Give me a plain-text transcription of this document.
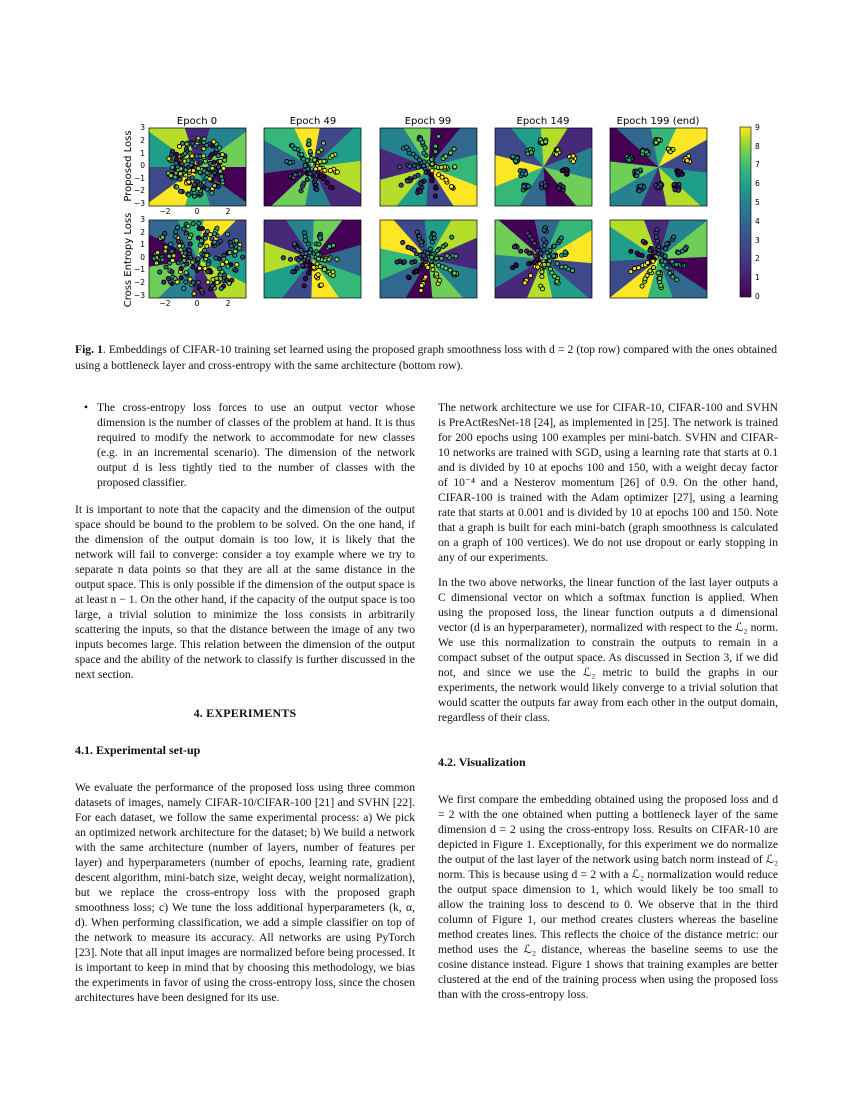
Epoch 0	Epoch 49	Epoch 99	Epoch 149	Epoch 199 (end)
Proposed Loss
Cross Entropy Loss
3
2
1
0
−1
−2
−3
−2	0	2
3
2
1
0
−1
−2
−3
−2	0	2
9
8
7
6
5
4
3
2
1
0
Fig. 1. Embeddings of CIFAR-10 training set learned using the proposed graph smoothness loss with d = 2 (top row) compared with the ones obtained using a bottleneck layer and cross-entropy with the same architecture (bottom row).
• The cross-entropy loss forces to use an output vector whose dimension is the number of classes of the problem at hand. It is thus required to modify the network to accommodate for new classes (e.g. in an incremental scenario). The dimension of the network output d is less tightly tied to the number of classes with the proposed classifier.

It is important to note that the capacity and the dimension of the output space should be bound to the problem to be solved. On the one hand, if the dimension of the output domain is too low, it is likely that the network will fail to converge: consider a toy example where we try to separate n data points so that they are all at the same distance in the output space. This is only possible if the dimension of the output space is at least n − 1. On the other hand, if the capacity of the output space is too large, a trivial solution to minimize the loss consists in arbitrarily scattering the inputs, so that the distance between the image of any two inputs becomes large. This relation between the dimension of the output space and the ability of the network to classify is further discussed in the next section.

4. EXPERIMENTS
4.1. Experimental set-up

We evaluate the performance of the proposed loss using three common datasets of images, namely CIFAR-10/CIFAR-100 [21] and SVHN [22]. For each dataset, we follow the same experimental process: a) We pick an optimized network architecture for the dataset; b) We build a network with the same architecture (number of layers, number of features per layer) and hyperparameters (number of epochs, learning rate, gradient descent algorithm, mini-batch size, weight decay, weight normalization), but we replace the cross-entropy loss with the proposed graph smoothness loss; c) We tune the loss additional hyperparameters (k, α, d). When performing classification, we add a simple classifier on top of the network to measure its accuracy. All networks are using PyTorch [23]. Note that all input images are normalized before being processed. It is important to keep in mind that by choosing this methodology, we bias the experiments in favor of using the cross-entropy loss, since the chosen architectures have been designed for its use.

The network architecture we use for CIFAR-10, CIFAR-100 and SVHN is PreActResNet-18 [24], as implemented in [25]. The network is trained for 200 epochs using 100 examples per mini-batch. SVHN and CIFAR-10 networks are trained with SGD, using a learning rate that starts at 0.1 and is divided by 10 at epochs 100 and 150, with a weight decay factor of 10⁻⁴ and a Nesterov momentum [26] of 0.9. On the other hand, CIFAR-100 is trained with the Adam optimizer [27], using a learning rate that starts at 0.001 and is divided by 10 at epochs 100 and 150. Note that a graph is built for each mini-batch (graph smoothness is calculated on a graph of 100 vertices). We do not use dropout or early stopping in any of our experiments.

In the two above networks, the linear function of the last layer outputs a C dimensional vector on which a softmax function is applied. When using the proposed loss, the linear function outputs a d dimensional vector (d is an hyperparameter), normalized with respect to the ℒ₂ norm. We use this normalization to constrain the outputs to remain in a compact subset of the output space. As discussed in Section 3, if we did not, and since we use the ℒ₂ metric to build the graphs in our experiments, the network would likely converge to a trivial solution that would scatter the outputs far away from each other in the output domain, regardless of their class.

4.2. Visualization

We first compare the embedding obtained using the proposed loss and d = 2 with the one obtained when putting a bottleneck layer of the same dimension d = 2 using the cross-entropy loss. Results on CIFAR-10 are depicted in Figure 1. Exceptionally, for this experiment we do normalize the output of the last layer of the network using batch norm instead of ℒ₂ norm. This is because using d = 2 with a ℒ₂ normalization would reduce the output space dimension to 1, which would likely be too small to allow the training loss to descend to 0. We observe that in the third column of Figure 1, our method creates clusters whereas the baseline method creates lines. This reflects the choice of the distance metric: our method uses the ℒ₂ distance, whereas the baseline seems to use the cosine distance instead. Figure 1 shows that training examples are better clustered at the end of the training process when using the proposed loss than with the cross-entropy loss.
